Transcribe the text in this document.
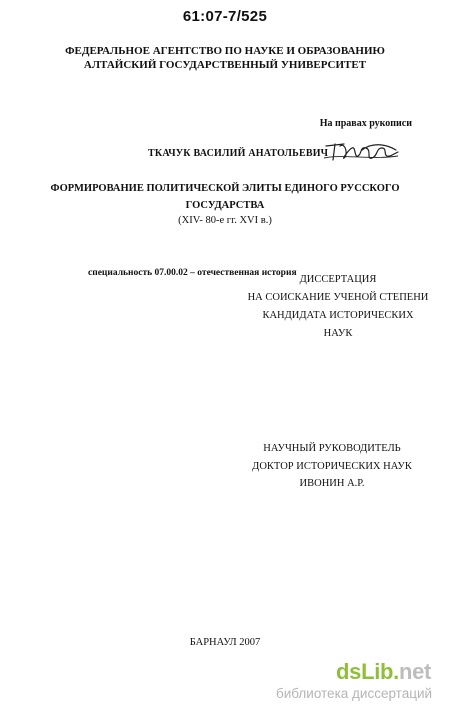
61:07-7/525
ФЕДЕРАЛЬНОЕ АГЕНТСТВО ПО НАУКЕ И ОБРАЗОВАНИЮ
АЛТАЙСКИЙ ГОСУДАРСТВЕННЫЙ УНИВЕРСИТЕТ
На правах рукописи
ТКАЧУК ВАСИЛИЙ АНАТОЛЬЕВИЧ
ФОРМИРОВАНИЕ ПОЛИТИЧЕСКОЙ ЭЛИТЫ ЕДИНОГО РУССКОГО
ГОСУДАРСТВА
(XIV- 80-е гг. XVI в.)
специальность 07.00.02 – отечественная история
ДИССЕРТАЦИЯ
НА СОИСКАНИЕ УЧЕНОЙ СТЕПЕНИ
КАНДИДАТА ИСТОРИЧЕСКИХ
НАУК
НАУЧНЫЙ РУКОВОДИТЕЛЬ
ДОКТОР ИСТОРИЧЕСКИХ НАУК
ИВОНИН А.Р.
БАРНАУЛ 2007
dsLib.net
библиотека диссертаций
